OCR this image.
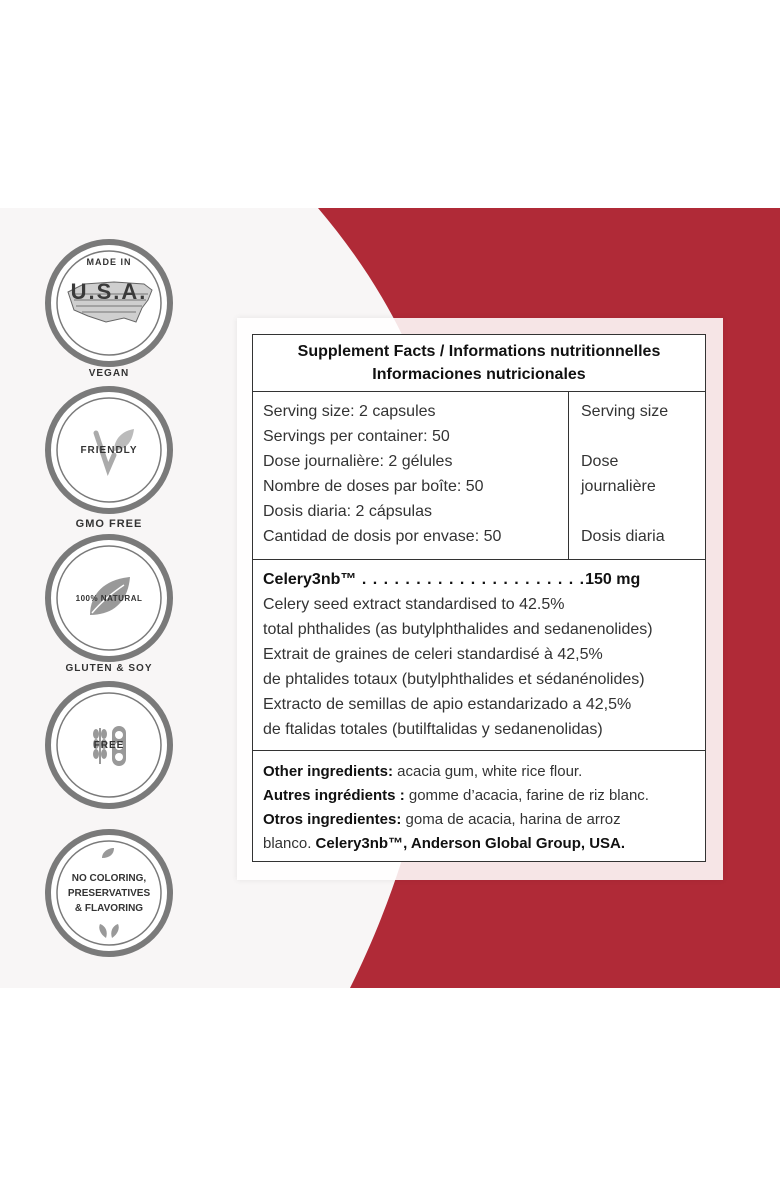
MADE IN
U.S.A.
VEGAN
FRIENDLY
GMO FREE
100% NATURAL
GLUTEN & SOY
FREE
NO COLORING,
PRESERVATIVES
& FLAVORING
Supplement Facts / Informations nutritionnelles
Informaciones nutricionales
Serving size: 2 capsules
Servings per container: 50
Dose journalière: 2 gélules
Nombre de doses par boîte: 50
Dosis diaria: 2 cápsulas
Cantidad de dosis por envase: 50
Serving size
Dose
journalière
Dosis diaria
Celery3nb™ . . . . . . . . . . . . . . . . . . . . .150 mg
Celery seed extract standardised to 42.5%
total phthalides (as butylphthalides and sedanenolides)
Extrait de graines de celeri standardisé à 42,5%
de phtalides totaux (butylphthalides et sédanénolides)
Extracto de semillas de apio estandarizado a 42,5%
de ftalidas totales (butilftalidas y sedanenolidas)
Other ingredients: acacia gum, white rice flour.
Autres ingrédients : gomme d’acacia, farine de riz blanc.
Otros ingredientes: goma de acacia, harina de arroz
blanco. Celery3nb™, Anderson Global Group, USA.
